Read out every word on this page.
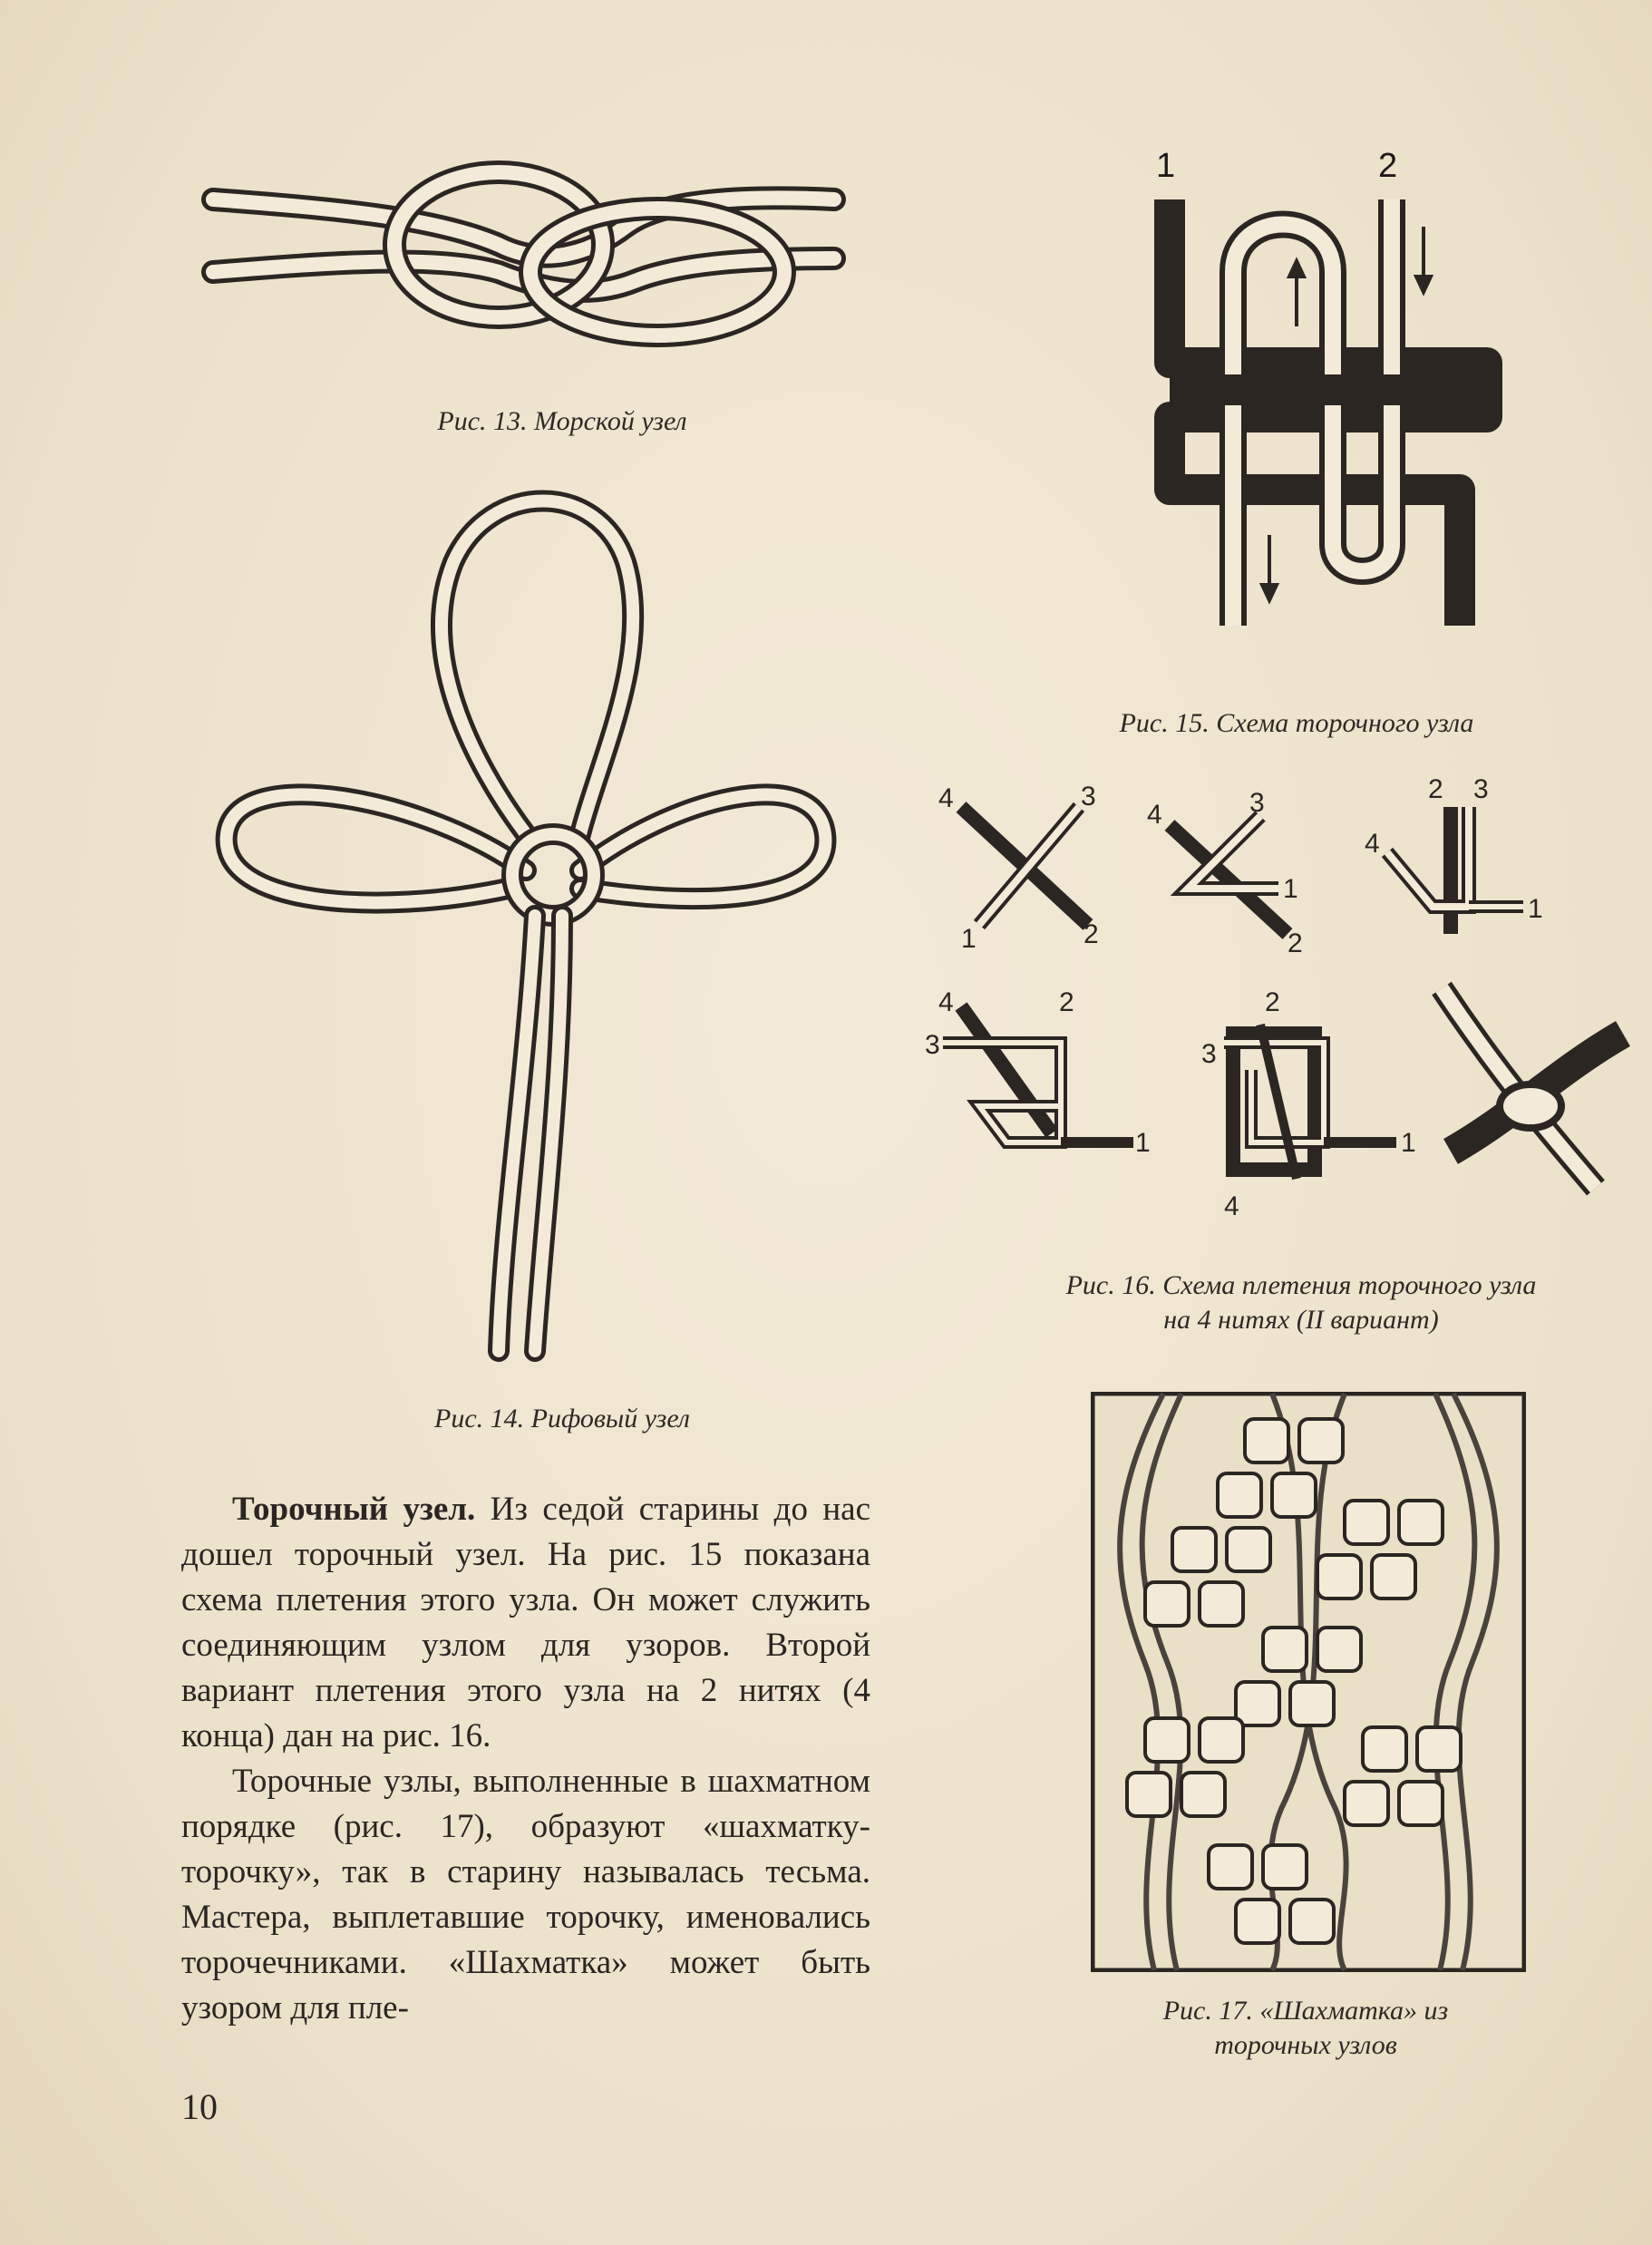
Рис. 13. Морской узел
Рис. 14. Рифовый узел
1	2
Рис. 15. Схема торочного узла
4	3
1	2
4	3
1
2
2 3
4
1
4
3
2
1
2
3
1
4
Рис. 16. Схема плетения торочного узла
на 4 нитях (II вариант)
Рис. 17. «Шахматка» из
торочных узлов

Торочный узел. Из седой старины до нас дошел торочный узел. На рис. 15 показана схема плетения этого узла. Он может служить соединяющим узлом для узоров. Второй вариант плетения этого узла на 2 нитях (4 конца) дан на рис. 16.

Торочные узлы, выполненные в шахматном порядке (рис. 17), образуют «шахматку-торочку», так в старину называлась тесьма. Мастера, выплетавшие торочку, именовались торочечниками. «Шахматка» может быть узором для пле-

10
